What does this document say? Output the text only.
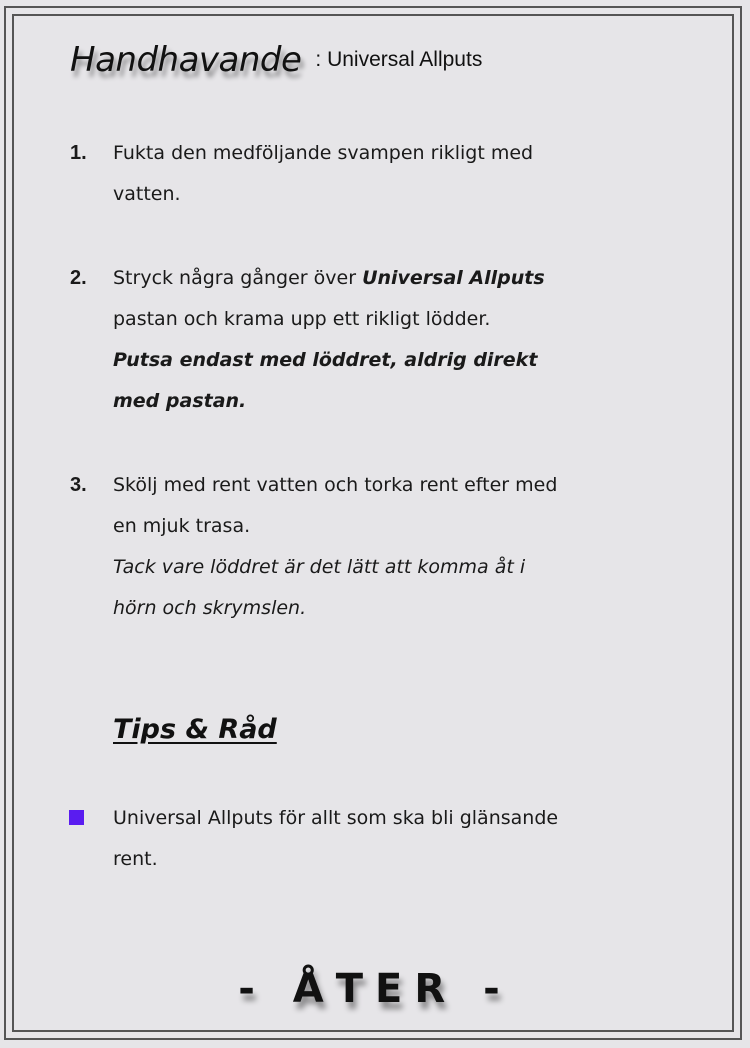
Handhavande : Universal Allputs
1. Fukta den medföljande svampen rikligt med
vatten.
2. Stryck några gånger över Universal Allputs
pastan och krama upp ett rikligt lödder.
Putsa endast med löddret, aldrig direkt
med pastan.
3. Skölj med rent vatten och torka rent efter med
en mjuk trasa.
Tack vare löddret är det lätt att komma åt i
hörn och skrymslen.
Tips & Råd
Universal Allputs för allt som ska bli glänsande
rent.
- ÅTER -
